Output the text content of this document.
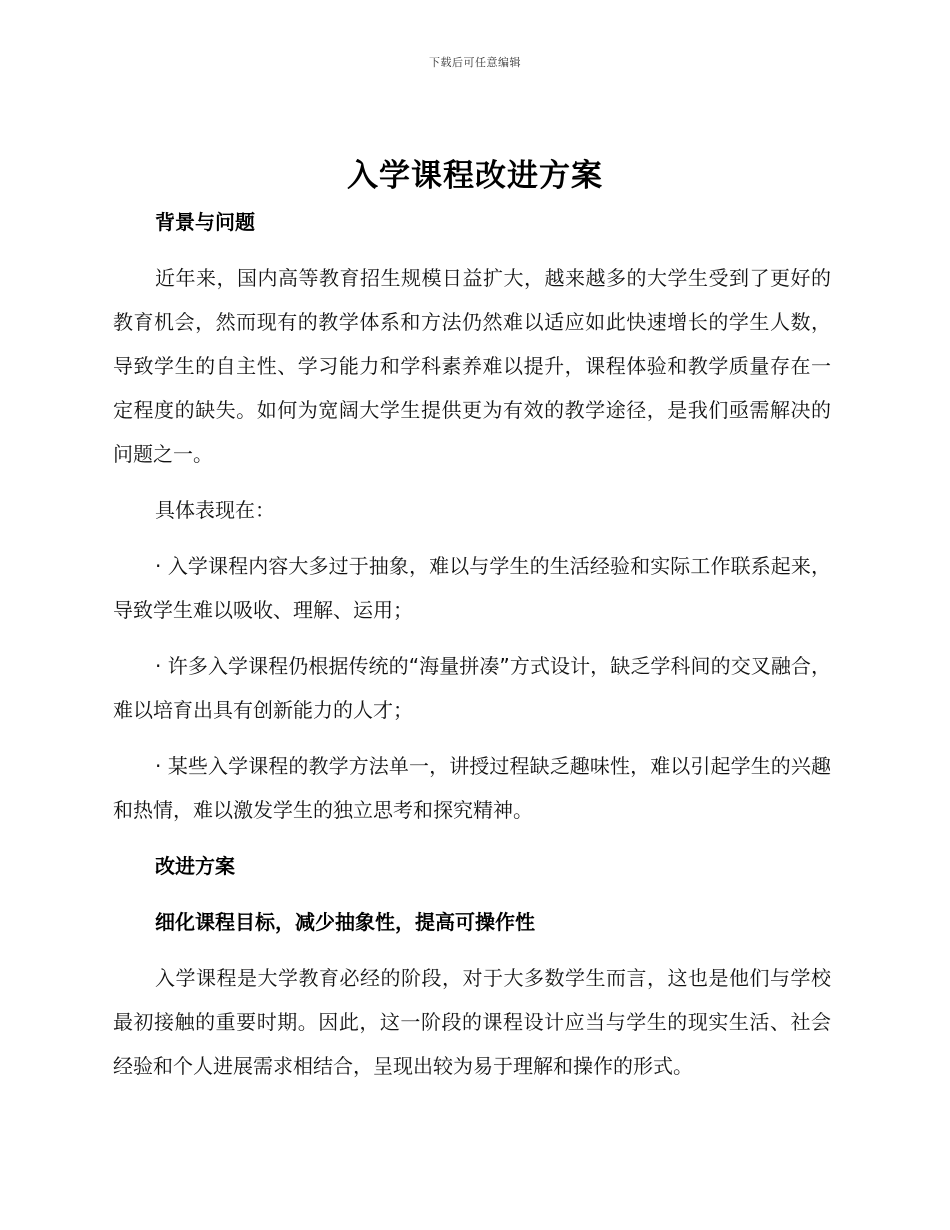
下载后可任意编辑
入学课程改进方案

背景与问题

近年来，国内高等教育招生规模日益扩大，越来越多的大学生受到了更好的教育机会，然而现有的教学体系和方法仍然难以适应如此快速增长的学生人数，导致学生的自主性、学习能力和学科素养难以提升，课程体验和教学质量存在一定程度的缺失。如何为宽阔大学生提供更为有效的教学途径，是我们亟需解决的问题之一。

具体表现在：

· 入学课程内容大多过于抽象，难以与学生的生活经验和实际工作联系起来，导致学生难以吸收、理解、运用；

· 许多入学课程仍根据传统的“海量拼凑”方式设计，缺乏学科间的交叉融合，难以培育出具有创新能力的人才；

· 某些入学课程的教学方法单一，讲授过程缺乏趣味性，难以引起学生的兴趣和热情，难以激发学生的独立思考和探究精神。

改进方案

细化课程目标，减少抽象性，提高可操作性

入学课程是大学教育必经的阶段，对于大多数学生而言，这也是他们与学校最初接触的重要时期。因此，这一阶段的课程设计应当与学生的现实生活、社会经验和个人进展需求相结合，呈现出较为易于理解和操作的形式。
